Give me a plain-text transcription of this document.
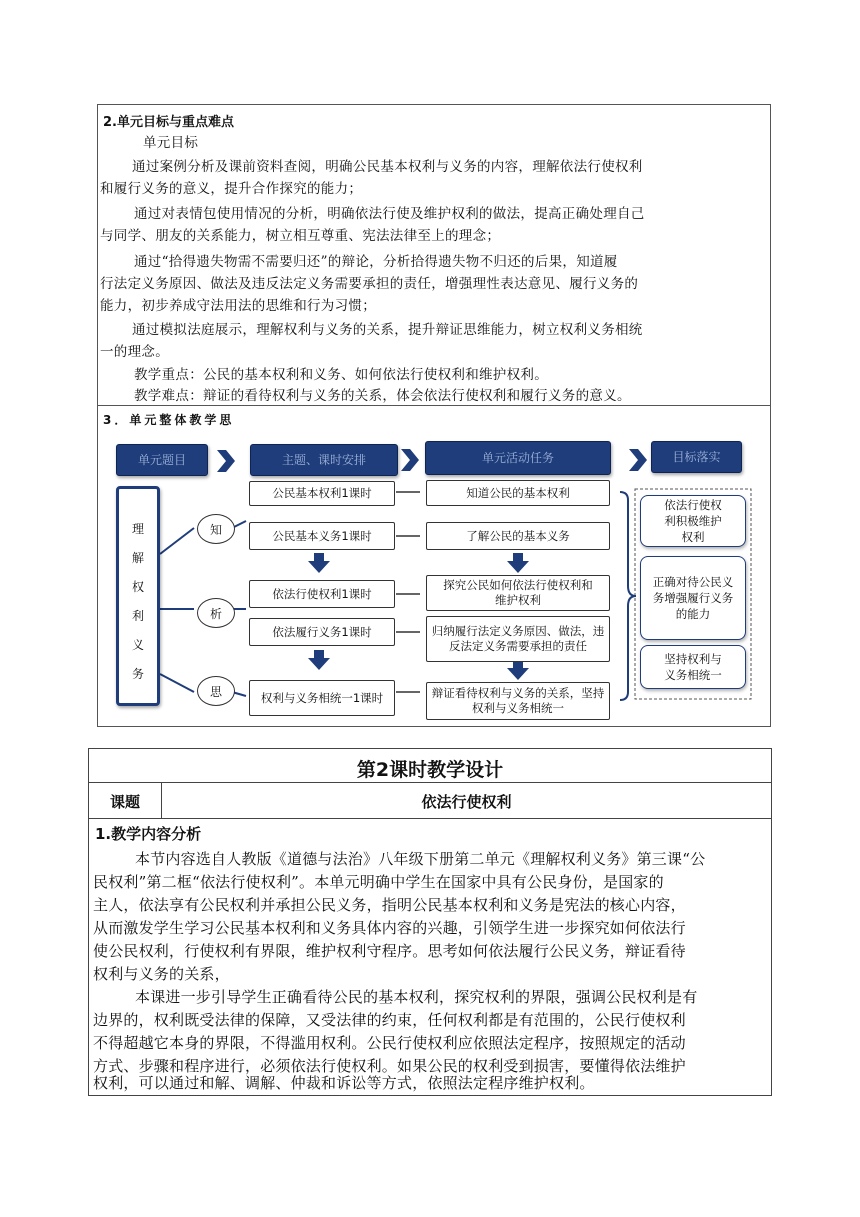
2.单元目标与重点难点
单元目标
通过案例分析及课前资料查阅，明确公民基本权利与义务的内容，理解依法行使权利
和履行义务的意义，提升合作探究的能力；
通过对表情包使用情况的分析，明确依法行使及维护权利的做法，提高正确处理自己
与同学、朋友的关系能力，树立相互尊重、宪法法律至上的理念；
通过“拾得遗失物需不需要归还”的辩论，分析拾得遗失物不归还的后果，知道履
行法定义务原因、做法及违反法定义务需要承担的责任，增强理性表达意见、履行义务的
能力，初步养成守法用法的思维和行为习惯；
通过模拟法庭展示，理解权利与义务的关系，提升辩证思维能力，树立权利义务相统
一的理念。
教学重点：公民的基本权利和义务、如何依法行使权利和维护权利。
教学难点：辩证的看待权利与义务的关系，体会依法行使权利和履行义务的意义。
3．单元整体教学思
单元题目	主题、课时安排	单元活动任务	目标落实
理
解
权
利
义
务
知
析
思
公民基本权利1课时
公民基本义务1课时
依法行使权利1课时
依法履行义务1课时
权利与义务相统一1课时
知道公民的基本权利
了解公民的基本义务
探究公民如何依法行使权利和维护权利
归纳履行法定义务原因、做法，违反法定义务需要承担的责任
辩证看待权利与义务的关系，坚持权利与义务相统一
依法行使权利积极维护权利
正确对待公民义务增强履行义务的能力
坚持权利与义务相统一
第2课时教学设计
课题	依法行使权利
1.教学内容分析
本节内容选自人教版《道德与法治》八年级下册第二单元《理解权利义务》第三课“公
民权利”第二框“依法行使权利”。本单元明确中学生在国家中具有公民身份，是国家的
主人，依法享有公民权利并承担公民义务，指明公民基本权利和义务是宪法的核心内容，
从而激发学生学习公民基本权利和义务具体内容的兴趣，引领学生进一步探究如何依法行
使公民权利，行使权利有界限，维护权利守程序。思考如何依法履行公民义务，辩证看待
权利与义务的关系，
本课进一步引导学生正确看待公民的基本权利，探究权利的界限，强调公民权利是有
边界的，权利既受法律的保障，又受法律的约束，任何权利都是有范围的，公民行使权利
不得超越它本身的界限，不得滥用权利。公民行使权利应依照法定程序，按照规定的活动
方式、步骤和程序进行，必须依法行使权利。如果公民的权利受到损害，要懂得依法维护
权利，可以通过和解、调解、仲裁和诉讼等方式，依照法定程序维护权利。
